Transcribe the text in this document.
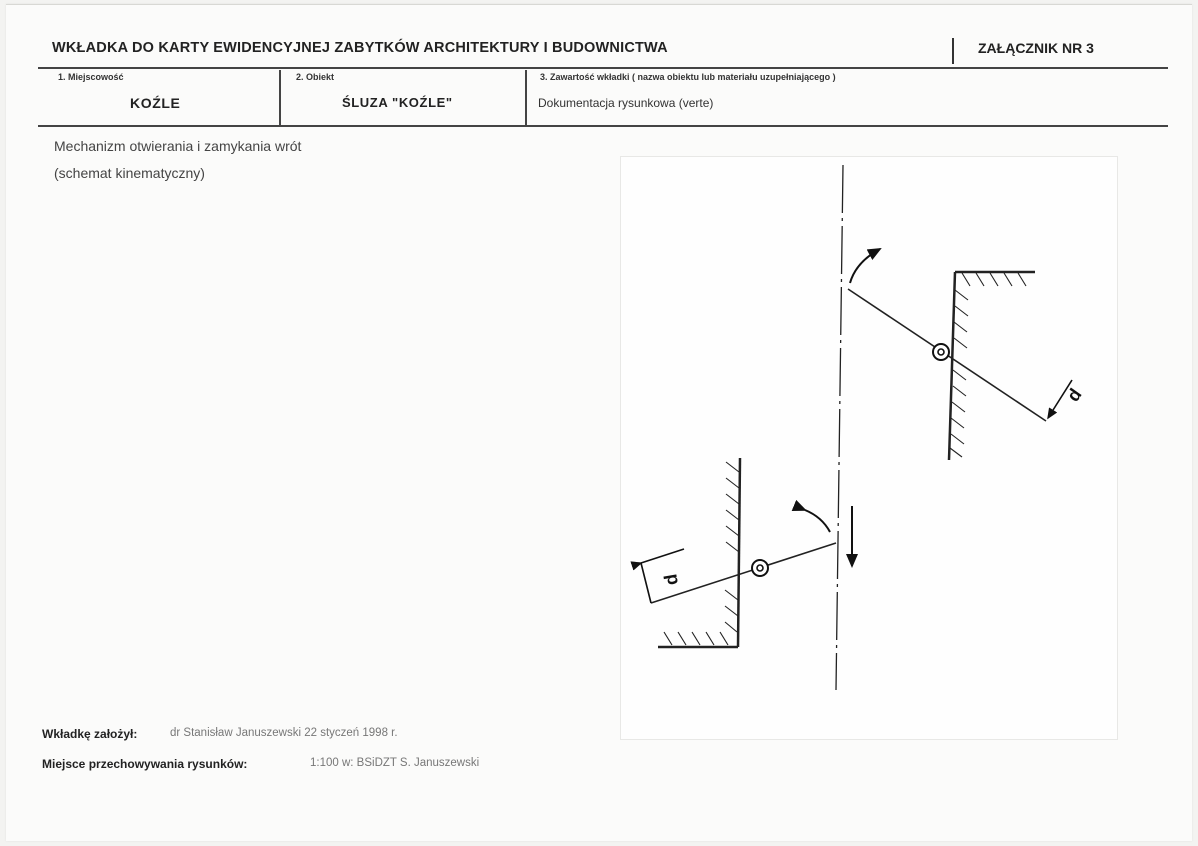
WKŁADKA DO KARTY EWIDENCYJNEJ ZABYTKÓW ARCHITEKTURY I BUDOWNICTWA	ZAŁĄCZNIK NR 3
1. Miejscowość
KOŹLE
2. Obiekt
ŚLUZA "KOŹLE"
3. Zawartość wkładki ( nazwa obiektu lub materiału uzupełniającego )
Dokumentacja rysunkowa (verte)
Mechanizm otwierania i zamykania wrót
(schemat kinematyczny)
d
d
Wkładkę założył:	dr Stanisław Januszewski 22 styczeń 1998 r.
Miejsce przechowywania rysunków:	1:100 w: BSiDZT S. Januszewski
